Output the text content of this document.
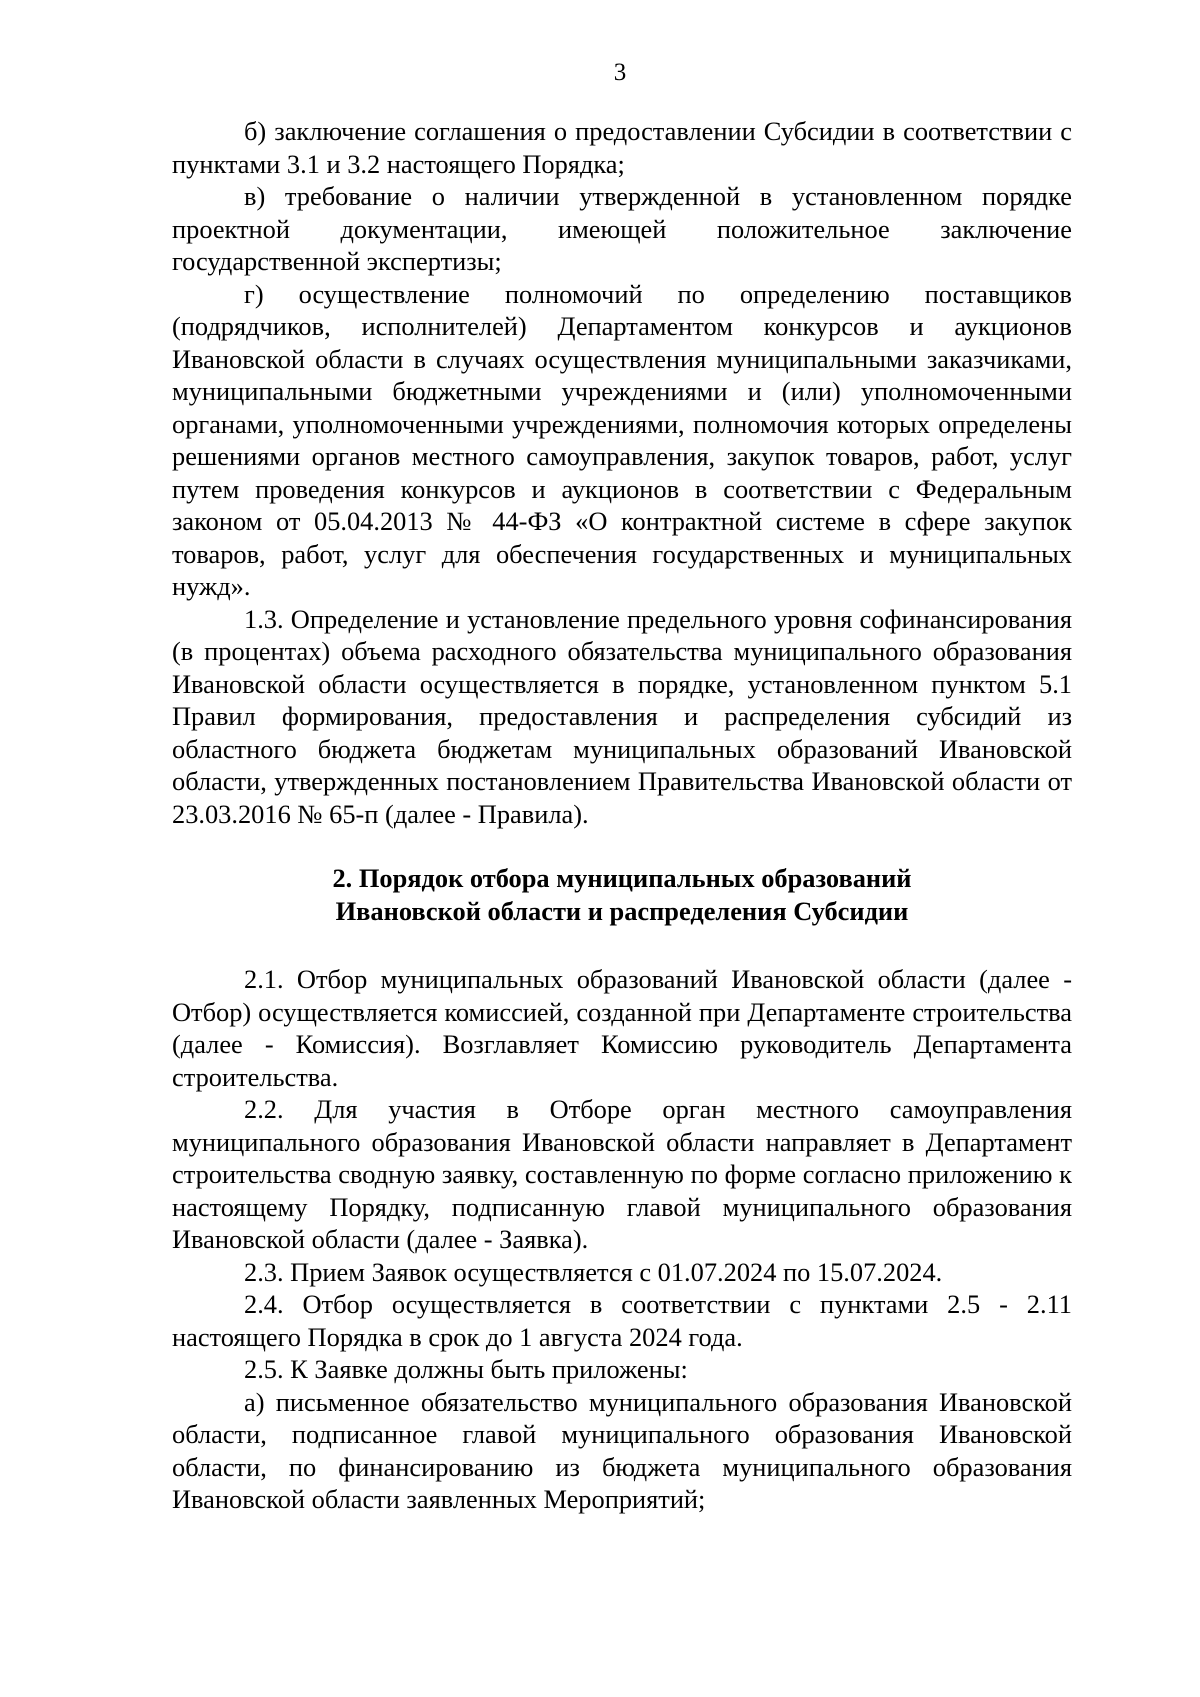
3

б) заключение соглашения о предоставлении Субсидии в соответствии с пунктами 3.1 и 3.2 настоящего Порядка;

в) требование о наличии утвержденной в установленном порядке проектной документации, имеющей положительное заключение государственной экспертизы;

г) осуществление полномочий по определению поставщиков (подрядчиков, исполнителей) Департаментом конкурсов и аукционов Ивановской области в случаях осуществления муниципальными заказчиками, муниципальными бюджетными учреждениями и (или) уполномоченными органами, уполномоченными учреждениями, полномочия которых определены решениями органов местного самоуправления, закупок товаров, работ, услуг путем проведения конкурсов и аукционов в соответствии с Федеральным законом от 05.04.2013 № 44-ФЗ «О контрактной системе в сфере закупок товаров, работ, услуг для обеспечения государственных и муниципальных нужд».

1.3. Определение и установление предельного уровня софинансирования (в процентах) объема расходного обязательства муниципального образования Ивановской области осуществляется в порядке, установленном пунктом 5.1 Правил формирования, предоставления и распределения субсидий из областного бюджета бюджетам муниципальных образований Ивановской области, утвержденных постановлением Правительства Ивановской области от 23.03.2016 № 65-п (далее - Правила).

2. Порядок отбора муниципальных образований

Ивановской области и распределения Субсидии

2.1. Отбор муниципальных образований Ивановской области (далее - Отбор) осуществляется комиссией, созданной при Департаменте строительства (далее - Комиссия). Возглавляет Комиссию руководитель Департамента строительства.

2.2. Для участия в Отборе орган местного самоуправления муниципального образования Ивановской области направляет в Департамент строительства сводную заявку, составленную по форме согласно приложению к настоящему Порядку, подписанную главой муниципального образования Ивановской области (далее - Заявка).

2.3. Прием Заявок осуществляется с 01.07.2024 по 15.07.2024.

2.4. Отбор осуществляется в соответствии с пунктами 2.5 - 2.11 настоящего Порядка в срок до 1 августа 2024 года.

2.5. К Заявке должны быть приложены:

а) письменное обязательство муниципального образования Ивановской области, подписанное главой муниципального образования Ивановской области, по финансированию из бюджета муниципального образования Ивановской области заявленных Мероприятий;
